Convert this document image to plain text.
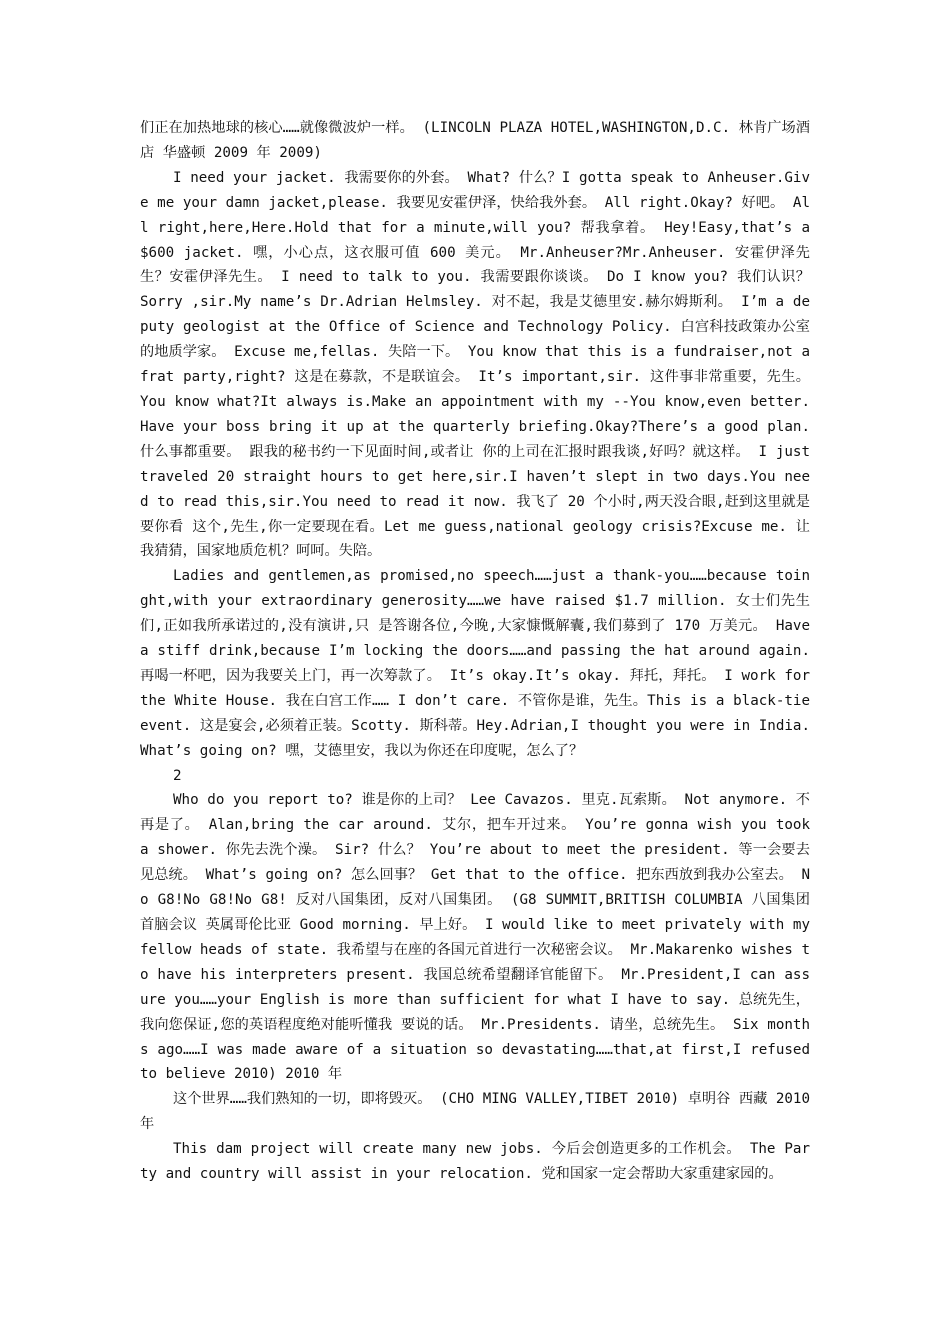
们正在加热地球的核心……就像微波炉一样。 (LINCOLN PLAZA HOTEL,WASHINGTON,D.C. 林肯广场酒店 华盛顿 2009 年 2009)

I need your jacket. 我需要你的外套。 What? 什么？I gotta speak to Anheuser.Give me your damn jacket,please. 我要见安霍伊泽，快给我外套。 All right.Okay? 好吧。 All right,here,Here.Hold that for a minute,will you? 帮我拿着。 Hey!Easy,that’s a $600 jacket. 嘿，小心点，这衣服可值 600 美元。 Mr.Anheuser?Mr.Anheuser. 安霍伊泽先生？安霍伊泽先生。 I need to talk to you. 我需要跟你谈谈。 Do I know you? 我们认识？ Sorry ,sir.My name’s Dr.Adrian Helmsley. 对不起，我是艾德里安.赫尔姆斯利。 I’m a deputy geologist at the Office of Science and Technology Policy. 白宫科技政策办公室的地质学家。 Excuse me,fellas. 失陪一下。 You know that this is a fundraiser,not a frat party,right? 这是在募款，不是联谊会。 It’s important,sir. 这件事非常重要，先生。 You know what?It always is.Make an appointment with my --You know,even better.Have your boss bring it up at the quarterly briefing.Okay?There’s a good plan.什么事都重要。 跟我的秘书约一下见面时间,或者让 你的上司在汇报时跟我谈,好吗？就这样。 I just traveled 20 straight hours to get here,sir.I haven’t slept in two days.You need to read this,sir.You need to read it now. 我飞了 20 个小时,两天没合眼,赶到这里就是要你看 这个,先生,你一定要现在看。Let me guess,national geology crisis?Excuse me. 让我猜猜，国家地质危机？呵呵。失陪。

Ladies and gentlemen,as promised,no speech……just a thank-you……because toinght,with your extraordinary generosity……we have raised $1.7 million. 女士们先生们,正如我所承诺过的,没有演讲,只 是答谢各位,今晚,大家慷慨解囊,我们募到了 170 万美元。 Have a stiff drink,because I’m locking the doors……and passing the hat around again. 再喝一杯吧，因为我要关上门，再一次筹款了。 It’s okay.It’s okay. 拜托，拜托。 I work for the White House. 我在白宫工作…… I don’t care. 不管你是谁，先生。This is a black-tie event. 这是宴会,必须着正装。Scotty. 斯科蒂。Hey.Adrian,I thought you were in India.What’s going on? 嘿，艾德里安，我以为你还在印度呢，怎么了？

2

Who do you report to? 谁是你的上司？ Lee Cavazos. 里克.瓦索斯。 Not anymore. 不再是了。 Alan,bring the car around. 艾尔，把车开过来。 You’re gonna wish you took a shower. 你先去洗个澡。 Sir? 什么？ You’re about to meet the president. 等一会要去见总统。 What’s going on? 怎么回事？ Get that to the office. 把东西放到我办公室去。 No G8!No G8!No G8! 反对八国集团，反对八国集团。 (G8 SUMMIT,BRITISH COLUMBIA 八国集团首脑会议 英属哥伦比亚 Good morning. 早上好。 I would like to meet privately with my fellow heads of state. 我希望与在座的各国元首进行一次秘密会议。 Mr.Makarenko wishes to have his interpreters present. 我国总统希望翻译官能留下。 Mr.President,I can assure you……your English is more than sufficient for what I have to say. 总统先生， 我向您保证,您的英语程度绝对能听懂我 要说的话。 Mr.Presidents. 请坐，总统先生。 Six months ago……I was made aware of a situation so devastating……that,at first,I refused to believe 2010) 2010 年

这个世界……我们熟知的一切，即将毁灭。 (CHO MING VALLEY,TIBET 2010) 卓明谷 西藏 2010 年

This dam project will create many new jobs. 今后会创造更多的工作机会。 The Party and country will assist in your relocation. 党和国家一定会帮助大家重建家园的。
